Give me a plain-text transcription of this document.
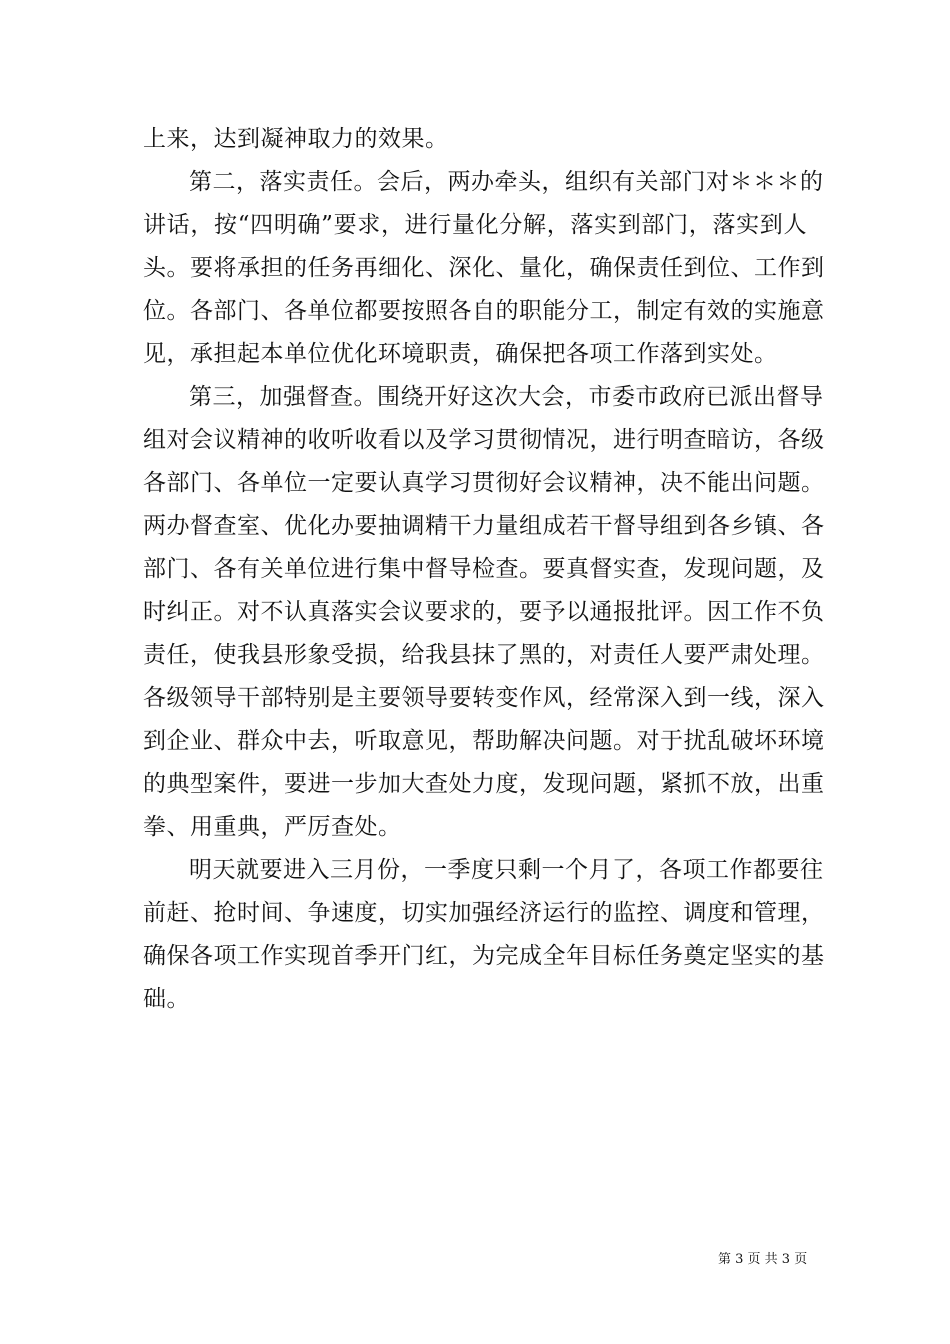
上来，达到凝神取力的效果。
第二，落实责任。会后，两办牵头，组织有关部门对＊＊＊的
讲话，按“四明确”要求，进行量化分解，落实到部门，落实到人
头。要将承担的任务再细化、深化、量化，确保责任到位、工作到
位。各部门、各单位都要按照各自的职能分工，制定有效的实施意
见，承担起本单位优化环境职责，确保把各项工作落到实处。
第三，加强督查。围绕开好这次大会，市委市政府已派出督导
组对会议精神的收听收看以及学习贯彻情况，进行明查暗访，各级
各部门、各单位一定要认真学习贯彻好会议精神，决不能出问题。
两办督查室、优化办要抽调精干力量组成若干督导组到各乡镇、各
部门、各有关单位进行集中督导检查。要真督实查，发现问题，及
时纠正。对不认真落实会议要求的，要予以通报批评。因工作不负
责任，使我县形象受损，给我县抹了黑的，对责任人要严肃处理。
各级领导干部特别是主要领导要转变作风，经常深入到一线，深入
到企业、群众中去，听取意见，帮助解决问题。对于扰乱破坏环境
的典型案件，要进一步加大查处力度，发现问题，紧抓不放，出重
拳、用重典，严厉查处。
明天就要进入三月份，一季度只剩一个月了，各项工作都要往
前赶、抢时间、争速度，切实加强经济运行的监控、调度和管理，
确保各项工作实现首季开门红，为完成全年目标任务奠定坚实的基
础。
第 3 页 共 3 页
